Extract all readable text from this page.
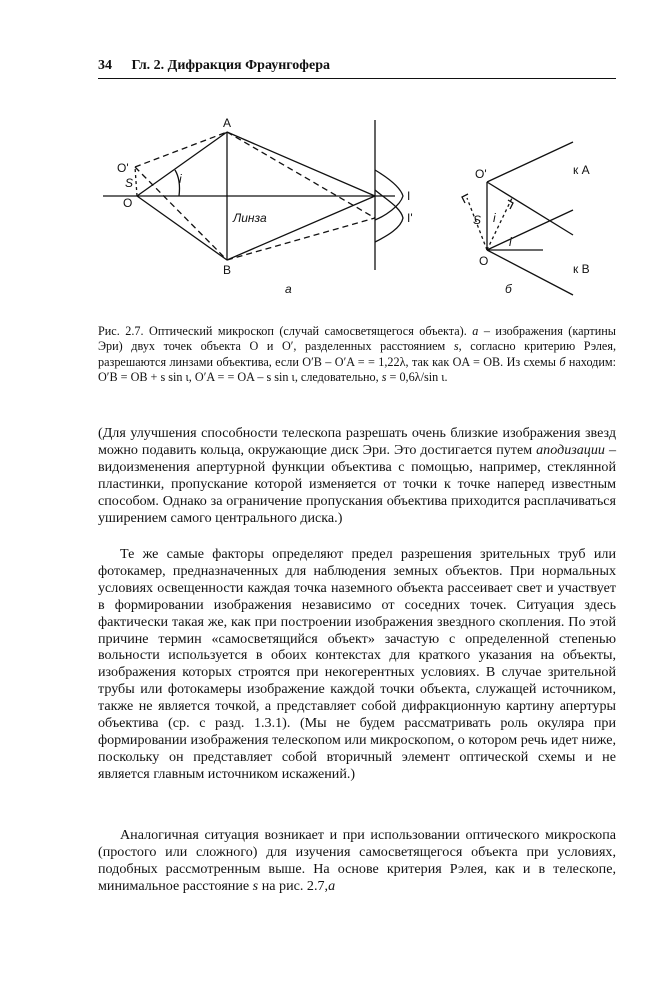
34 Гл. 2. Дифракция Фраунгофера
A
B
O
O'
S	i
Линза
I
I'
a
O'
O
S i
i
к A
к B
б
Рис. 2.7. Оптический микроскоп (случай самосветящегося объекта). а – изображения (картины Эри) двух точек объекта O и O′, разделенных расстоянием s, согласно критерию Рэлея, разрешаются линзами объектива, если O′B – O′A = = 1,22λ, так как OA = OB. Из схемы б находим: O′B = OB + s sin ι, O′A = = OA – s sin ι, следовательно, s = 0,6λ/sin ι.
(Для улучшения способности телескопа разрешать очень близкие изображения звезд можно подавить кольца, окружающие диск Эри. Это достигается путем аподизации – видоизменения апертурной функции объектива с помощью, например, стеклянной пластинки, пропускание которой изменяется от точки к точке наперед известным способом. Однако за ограничение пропускания объектива приходится расплачиваться уширением самого центрального диска.)
Те же самые факторы определяют предел разрешения зрительных труб или фотокамер, предназначенных для наблюдения земных объектов. При нормальных условиях освещенности каждая точка наземного объекта рассеивает свет и участвует в формировании изображения независимо от соседних точек. Ситуация здесь фактически такая же, как при построении изображения звездного скопления. По этой причине термин «самосветящийся объект» зачастую с определенной степенью вольности используется в обоих контекстах для краткого указания на объекты, изображения которых строятся при некогерентных условиях. В случае зрительной трубы или фотокамеры изображение каждой точки объекта, служащей источником, также не является точкой, а представляет собой дифракционную картину апертуры объектива (ср. с разд. 1.3.1). (Мы не будем рассматривать роль окуляра при формировании изображения телескопом или микроскопом, о котором речь идет ниже, поскольку он представляет собой вторичный элемент оптической схемы и не является главным источником искажений.)
Аналогичная ситуация возникает и при использовании оптического микроскопа (простого или сложного) для изучения самосветящегося объекта при условиях, подобных рассмотренным выше. На основе критерия Рэлея, как и в телескопе, минимальное расстояние s на рис. 2.7,а
